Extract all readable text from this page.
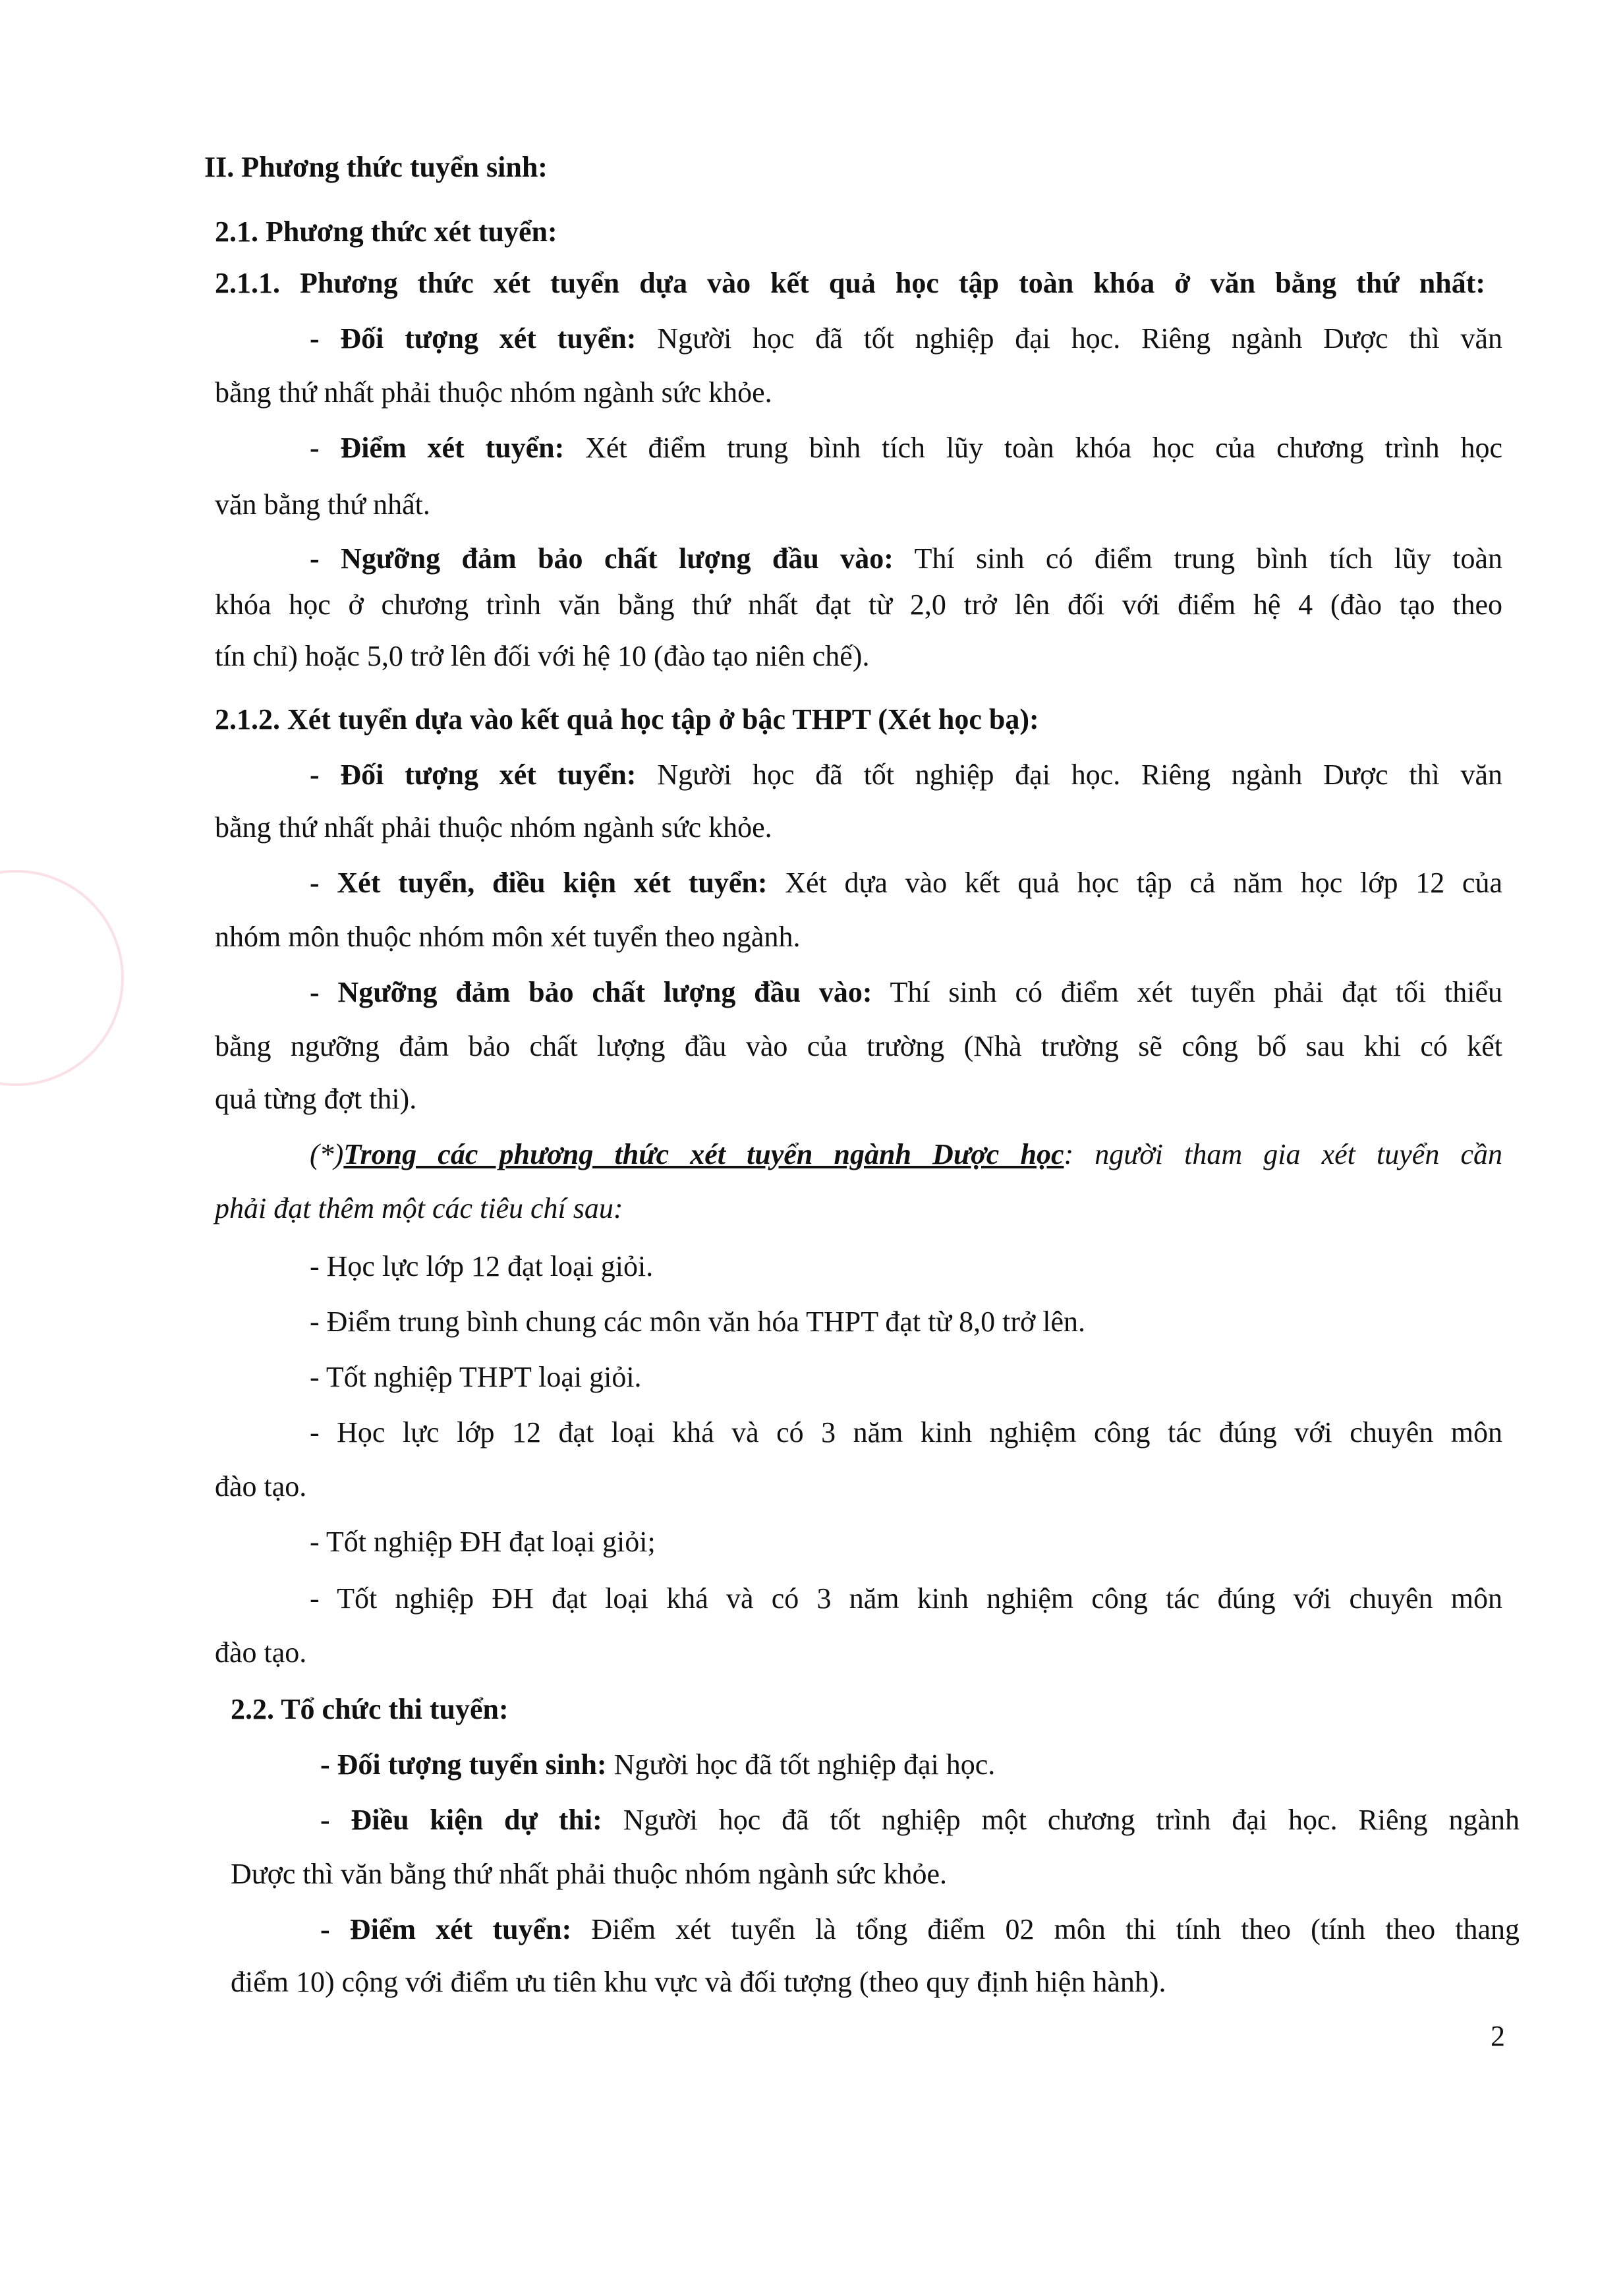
II. Phương thức tuyển sinh:
2.1. Phương thức xét tuyển:
2.1.1. Phương thức xét tuyển dựa vào kết quả học tập toàn khóa ở văn bằng thứ nhất:
- Đối tượng xét tuyển: Người học đã tốt nghiệp đại học. Riêng ngành Dược thì văn
bằng thứ nhất phải thuộc nhóm ngành sức khỏe.
- Điểm xét tuyển: Xét điểm trung bình tích lũy toàn khóa học của chương trình học
văn bằng thứ nhất.
- Ngưỡng đảm bảo chất lượng đầu vào: Thí sinh có điểm trung bình tích lũy toàn
khóa học ở chương trình văn bằng thứ nhất đạt từ 2,0 trở lên đối với điểm hệ 4 (đào tạo theo
tín chỉ) hoặc 5,0 trở lên đối với hệ 10 (đào tạo niên chế).
2.1.2. Xét tuyển dựa vào kết quả học tập ở bậc THPT (Xét học bạ):
- Đối tượng xét tuyển: Người học đã tốt nghiệp đại học. Riêng ngành Dược thì văn
bằng thứ nhất phải thuộc nhóm ngành sức khỏe.
- Xét tuyển, điều kiện xét tuyển: Xét dựa vào kết quả học tập cả năm học lớp 12 của
nhóm môn thuộc nhóm môn xét tuyển theo ngành.
- Ngưỡng đảm bảo chất lượng đầu vào: Thí sinh có điểm xét tuyển phải đạt tối thiểu
bằng ngưỡng đảm bảo chất lượng đầu vào của trường (Nhà trường sẽ công bố sau khi có kết
quả từng đợt thi).
(*)Trong các phương thức xét tuyển ngành Dược học: người tham gia xét tuyển cần
phải đạt thêm một các tiêu chí sau:
- Học lực lớp 12 đạt loại giỏi.
- Điểm trung bình chung các môn văn hóa THPT đạt từ 8,0 trở lên.
- Tốt nghiệp THPT loại giỏi.
- Học lực lớp 12 đạt loại khá và có 3 năm kinh nghiệm công tác đúng với chuyên môn
đào tạo.
- Tốt nghiệp ĐH đạt loại giỏi;
- Tốt nghiệp ĐH đạt loại khá và có 3 năm kinh nghiệm công tác đúng với chuyên môn
đào tạo.
2.2. Tổ chức thi tuyển:
- Đối tượng tuyển sinh: Người học đã tốt nghiệp đại học.
- Điều kiện dự thi: Người học đã tốt nghiệp một chương trình đại học. Riêng ngành
Dược thì văn bằng thứ nhất phải thuộc nhóm ngành sức khỏe.
- Điểm xét tuyển: Điểm xét tuyển là tổng điểm 02 môn thi tính theo (tính theo thang
điểm 10) cộng với điểm ưu tiên khu vực và đối tượng (theo quy định hiện hành).
2
